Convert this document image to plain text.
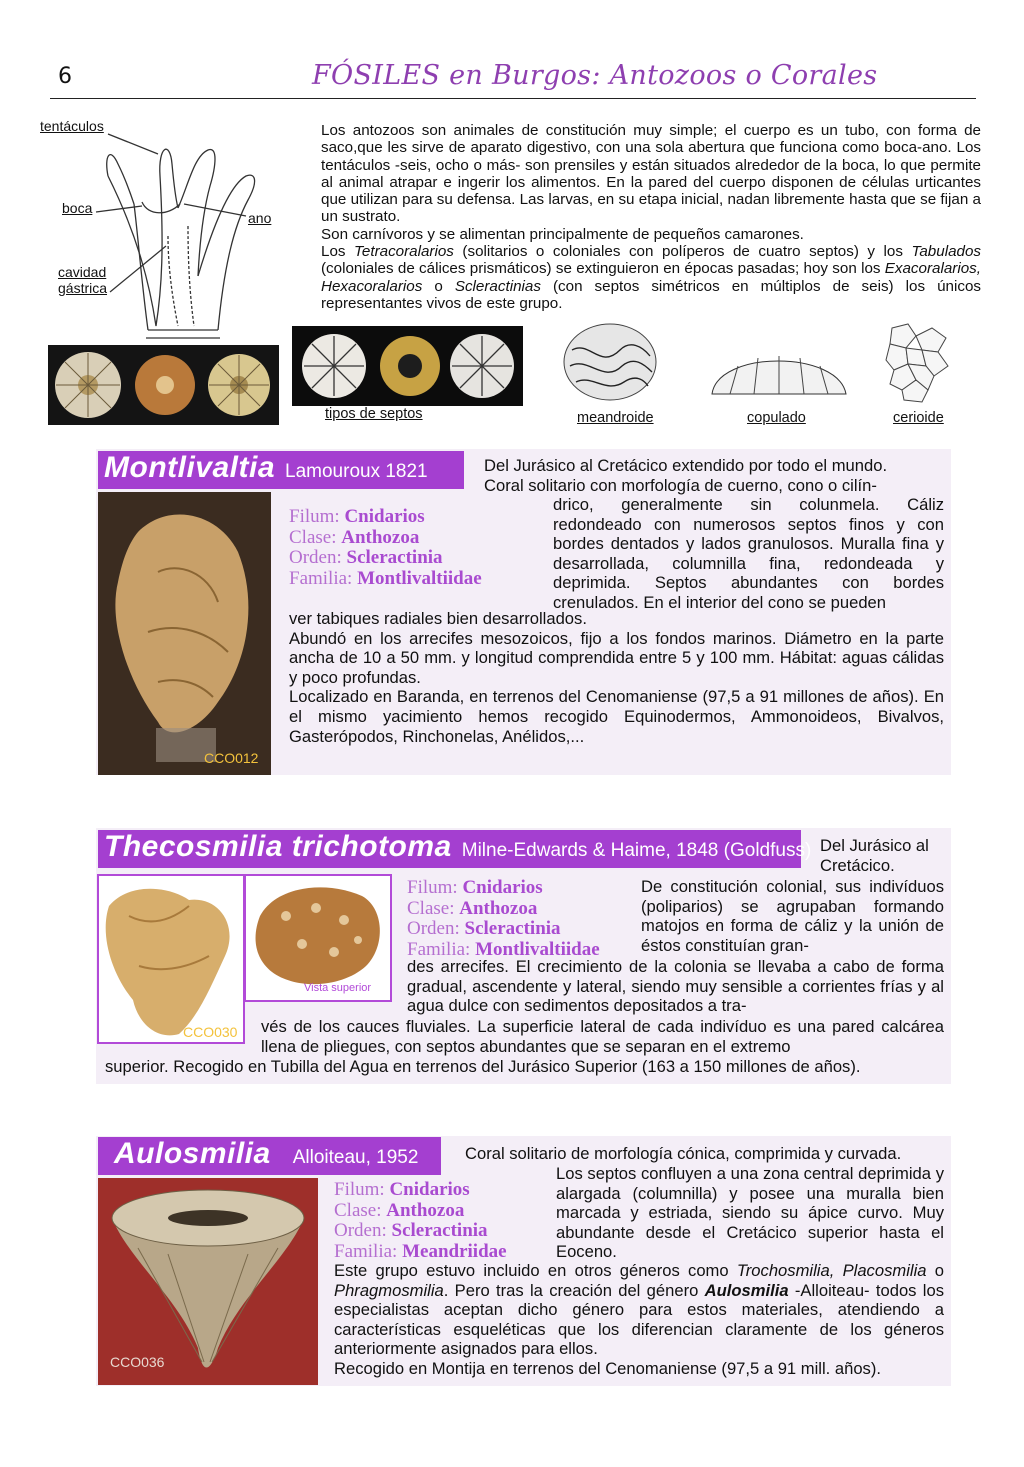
6	FÓSILES en Burgos: Antozoos o Corales
tentáculos
boca
ano
cavidad
gástrica

Los antozoos son animales de constitución muy simple; el cuerpo es un tubo, con forma de saco,que les sirve de aparato digestivo, con una sola abertura que funciona como boca-ano. Los tentáculos -seis, ocho o más- son prensiles y están situados alrededor de la boca, lo que permite al animal atrapar e ingerir los alimentos. En la pared del cuerpo disponen de células urticantes que utilizan para su defensa. Las larvas, en su etapa inicial, nadan libremente hasta que se fijan a un sustrato.

Son carnívoros y se alimentan principalmente de pequeños camarones.

Los Tetracoralarios (solitarios o coloniales con políperos de cuatro septos) y los Tabulados (coloniales de cálices prismáticos) se extinguieron en épocas pasadas; hoy son los Exacoralarios, Hexacoralarios o Scleractinias (con septos simétricos en múltiplos de seis) los únicos representantes vivos de este grupo.

tipos de septos	meandroide	copulado	cerioide
Montlivaltia Lamouroux 1821
CCO012
Filum: Cnidarios
Clase: Anthozoa
Orden: Scleractinia
Familia: Montlivaltiidae

Del Jurásico al Cretácico extendido por todo el mundo.

Coral solitario con morfología de cuerno, cono o cilín-

drico, generalmente sin colunmela. Cáliz redondeado con numerosos septos finos y con bordes dentados y lados granulosos. Muralla fina y desarrollada, columnilla fina, redondeada y deprimida. Septos abundantes con bordes crenulados. En el interior del cono se pueden

ver tabiques radiales bien desarrollados.

Abundó en los arrecifes mesozoicos, fijo a los fondos marinos. Diámetro en la parte ancha de 10 a 50 mm. y longitud comprendida entre 5 y 100 mm. Hábitat: aguas cálidas y poco profundas.

Localizado en Baranda, en terrenos del Cenomaniense (97,5 a 91 millones de años). En el mismo yacimiento hemos recogido Equinodermos, Ammonoideos, Bivalvos, Gasterópodos, Rinchonelas, Anélidos,...

Thecosmilia trichotoma Milne-Edwards & Haime, 1848 (Goldfuss)
CCO030
Vista superior
Filum: Cnidarios
Clase: Anthozoa
Orden: Scleractinia
Familia: Montlivaltiidae
Del Jurásico al Cretácico.
De constitución colonial, sus indivíduos (poliparios) se agrupaban formando matojos en forma de cáliz y la unión de éstos constituían gran-
des arrecifes. El crecimiento de la colonia se llevaba a cabo de forma gradual, ascendente y lateral, siendo muy sensible a corrientes frías y al agua dulce con sedimentos depositados a tra-
vés de los cauces fluviales. La superficie lateral de cada indivíduo es una pared calcárea llena de pliegues, con septos abundantes que se separan en el extremo
superior. Recogido en Tubilla del Agua en terrenos del Jurásico Superior (163 a 150 millones de años).
Aulosmilia	Alloiteau, 1952
CCO036
Filum: Cnidarios
Clase: Anthozoa
Orden: Scleractinia
Familia: Meandriidae
Coral solitario de morfología cónica, comprimida y curvada.
Los septos confluyen a una zona central deprimida y alargada (columnilla) y posee una muralla bien marcada y estriada, siendo su ápice curvo. Muy abundante desde el Cretácico superior hasta el Eoceno.

Este grupo estuvo incluido en otros géneros como Trochosmilia, Placosmilia o Phragmosmilia. Pero tras la creación del género Aulosmilia -Alloiteau- todos los especialistas aceptan dicho género para estos materiales, atendiendo a características esqueléticas que los diferencian claramente de los géneros anteriormente asignados para ellos.

Recogido en Montija en terrenos del Cenomaniense (97,5 a 91 mill. años).
